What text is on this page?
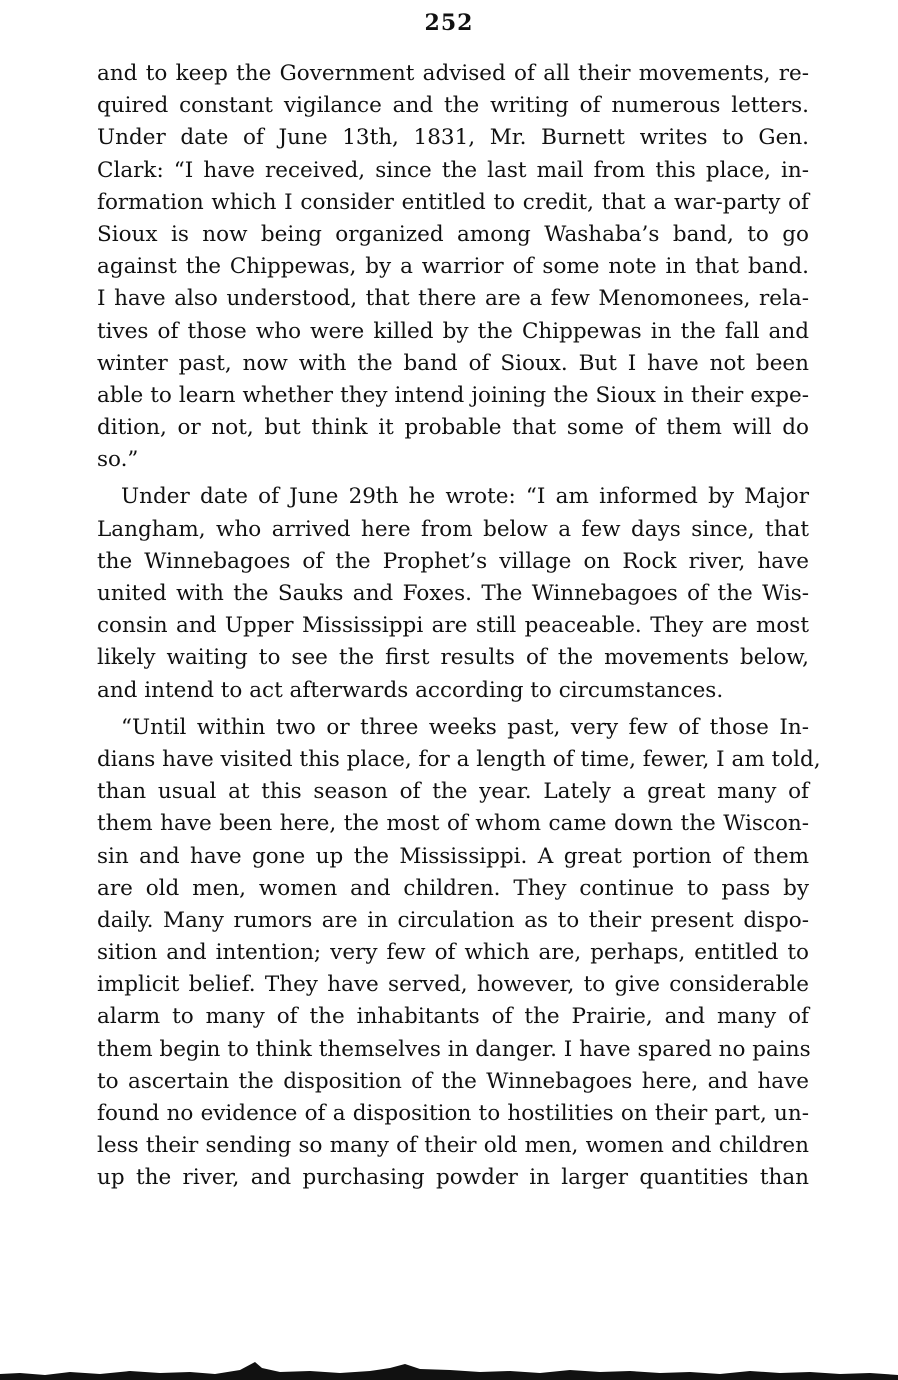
252
and to keep the Government advised of all their movements, re-
quired constant vigilance and the writing of numerous letters.
Under date of June 13th, 1831, Mr. Burnett writes to Gen.
Clark: “I have received, since the last mail from this place, in-
formation which I consider entitled to credit, that a war-party of
Sioux is now being organized among Washaba’s band, to go
against the Chippewas, by a warrior of some note in that band.
I have also understood, that there are a few Menomonees, rela-
tives of those who were killed by the Chippewas in the fall and
winter past, now with the band of Sioux. But I have not been
able to learn whether they intend joining the Sioux in their expe-
dition, or not, but think it probable that some of them will do
so.”
Under date of June 29th he wrote: “I am informed by Major
Langham, who arrived here from below a few days since, that
the Winnebagoes of the Prophet’s village on Rock river, have
united with the Sauks and Foxes. The Winnebagoes of the Wis-
consin and Upper Mississippi are still peaceable. They are most
likely waiting to see the first results of the movements below,
and intend to act afterwards according to circumstances.
“Until within two or three weeks past, very few of those In-
dians have visited this place, for a length of time, fewer, I am told,
than usual at this season of the year. Lately a great many of
them have been here, the most of whom came down the Wiscon-
sin and have gone up the Mississippi. A great portion of them
are old men, women and children. They continue to pass by
daily. Many rumors are in circulation as to their present dispo-
sition and intention; very few of which are, perhaps, entitled to
implicit belief. They have served, however, to give considerable
alarm to many of the inhabitants of the Prairie, and many of
them begin to think themselves in danger. I have spared no pains
to ascertain the disposition of the Winnebagoes here, and have
found no evidence of a disposition to hostilities on their part, un-
less their sending so many of their old men, women and children
up the river, and purchasing powder in larger quantities than
